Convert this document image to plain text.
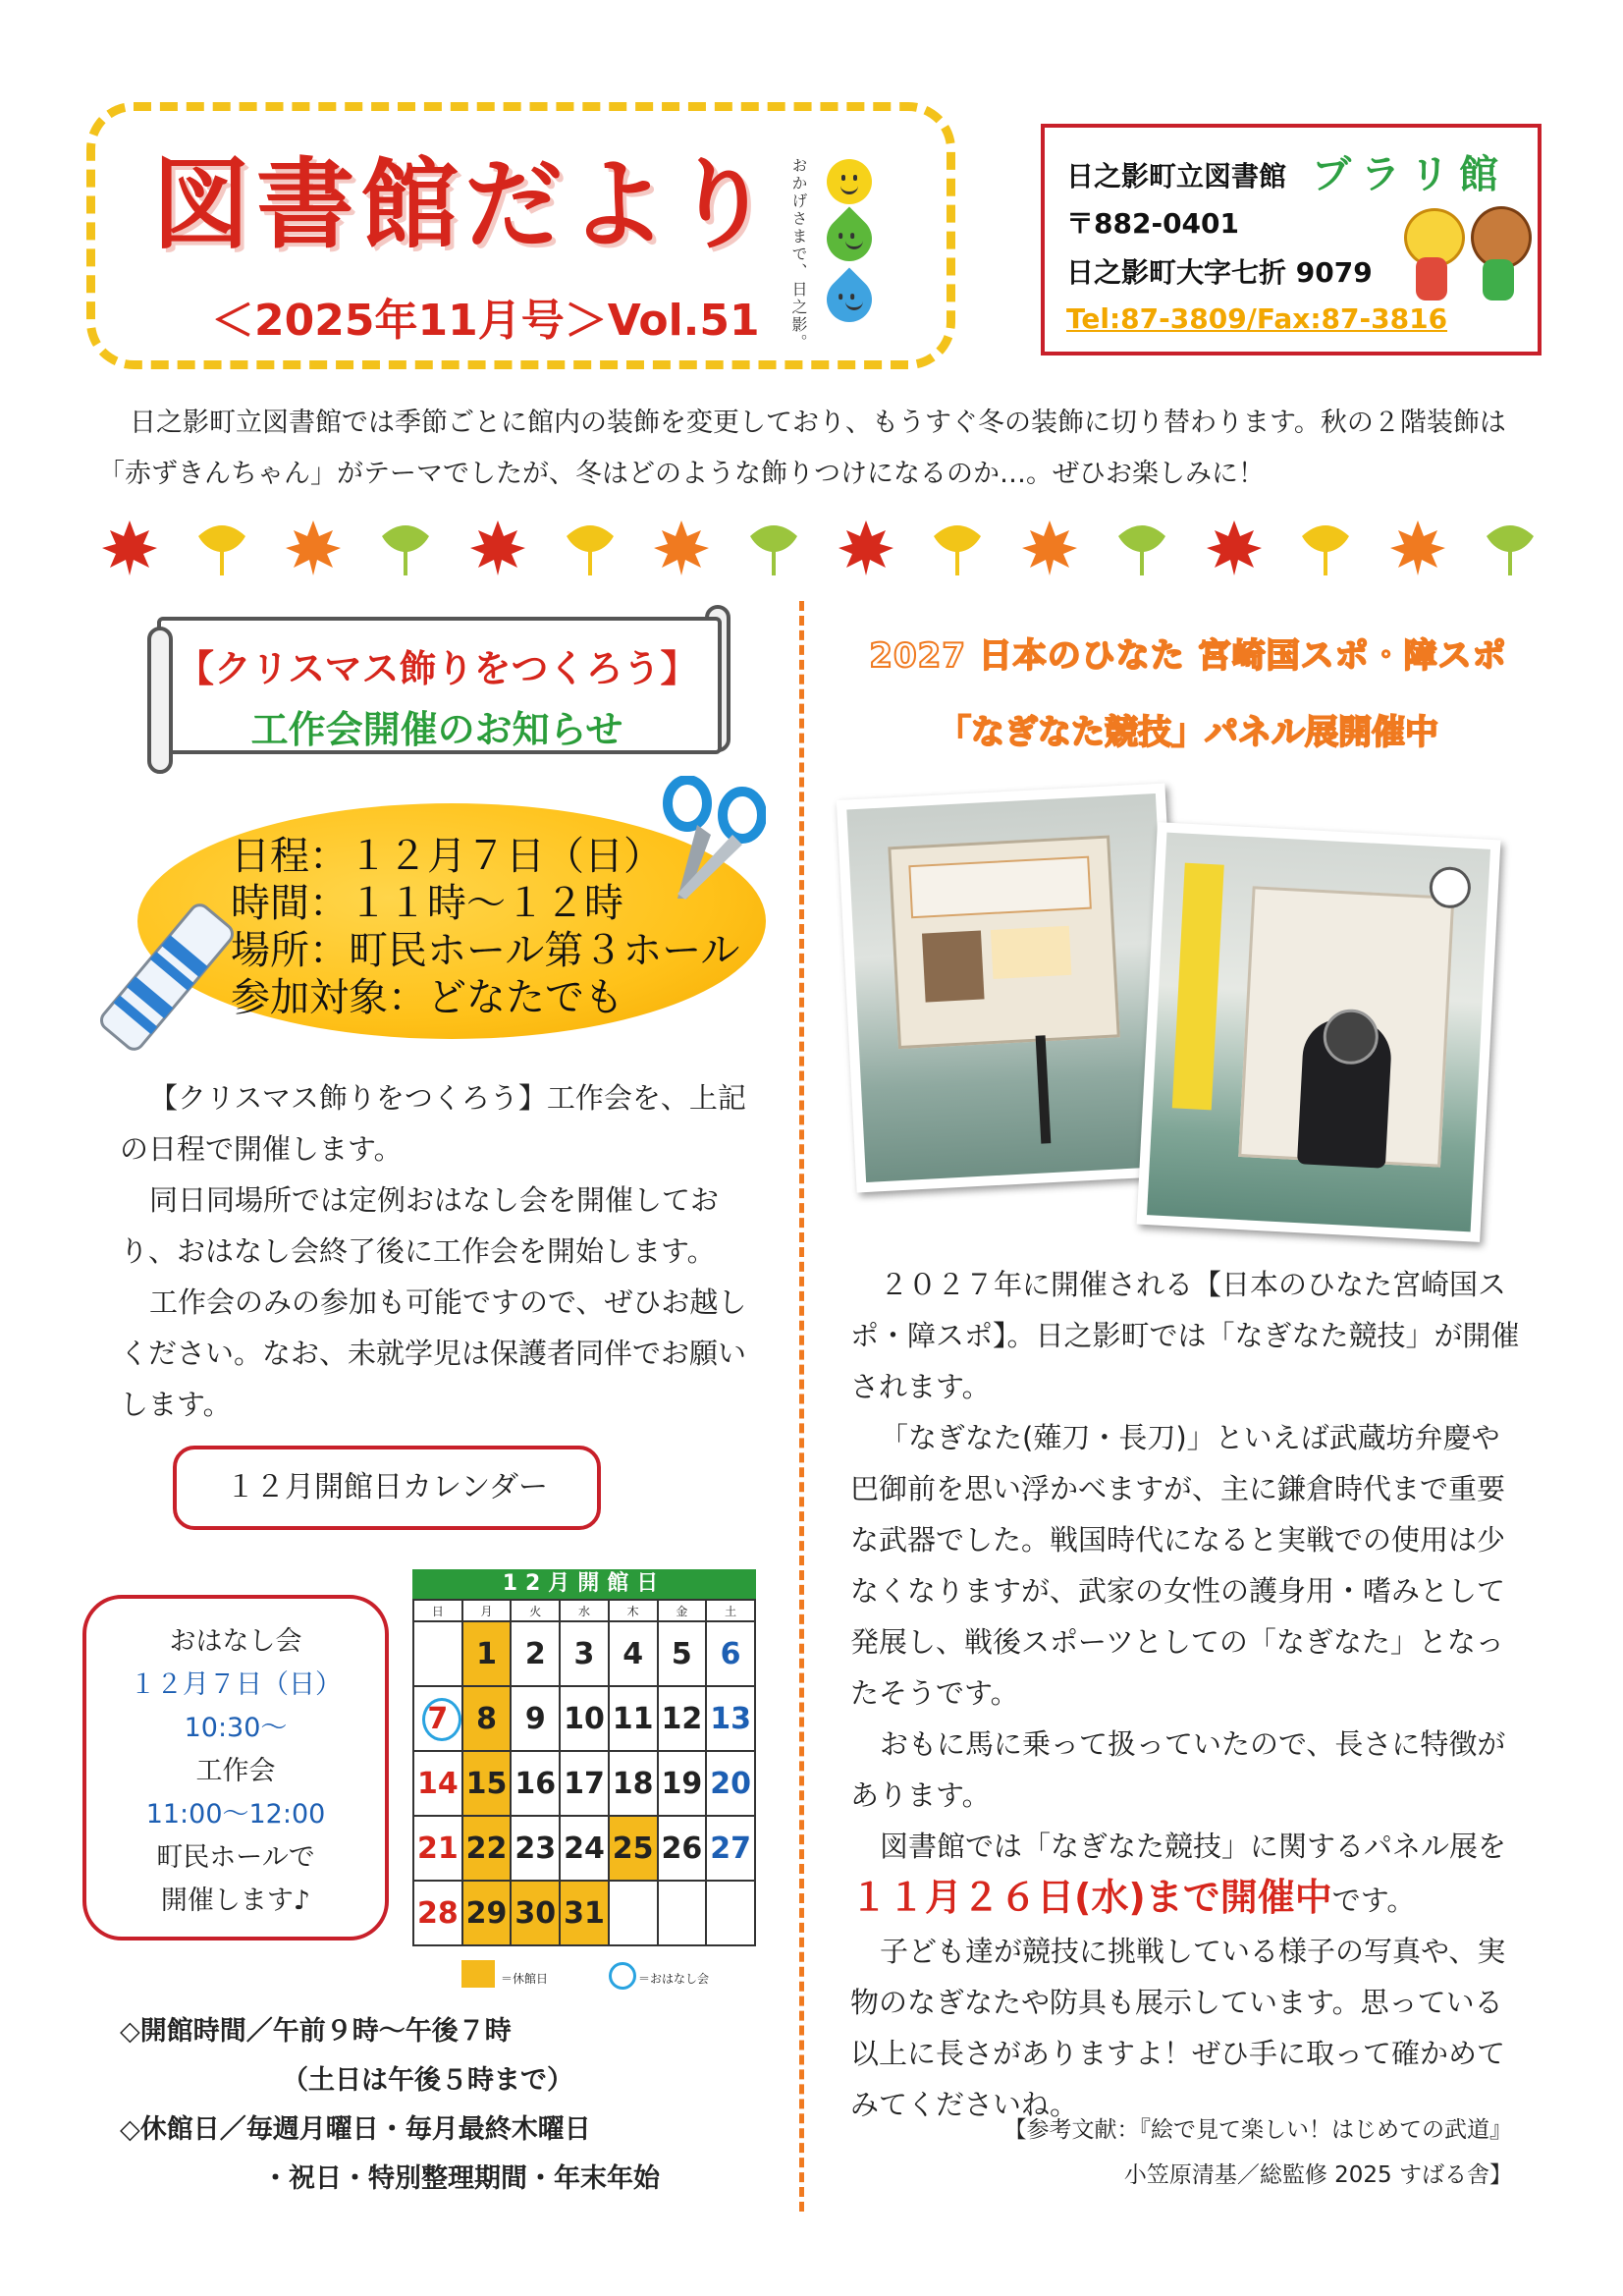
図書館だより
＜2025年11月号＞Vol.51 おかげさまで、日之影。	日之影町立図書館 ブラリ館
〒882-0401
日之影町大字七折 9079
Tel:87-3809/Fax:87-3816
日之影町立図書館では季節ごとに館内の装飾を変更しており、もうすぐ冬の装飾に切り替わります。秋の２階装飾は「赤ずきんちゃん」がテーマでしたが、冬はどのような飾りつけになるのか…。ぜひお楽しみに！
【クリスマス飾りをつくろう】
工作会開催のお知らせ
日程：１２月７日（日）
時間：１１時～１２時
場所：町民ホール第３ホール
参加対象：どなたでも

【クリスマス飾りをつくろう】工作会を、上記の日程で開催します。

同日同場所では定例おはなし会を開催しており、おはなし会終了後に工作会を開始します。

工作会のみの参加も可能ですので、ぜひお越しください。なお、未就学児は保護者同伴でお願いします。

１２月開館日カレンダー
おはなし会
１２月７日（日）
10:30～
工作会
11:00～12:00
町民ホールで
開催します♪
12月開館日
日	月	火	水	木	金	土
	1	2	3	4	5	6
7	8	9	10	11	12	13
14	15	16	17	18	19	20
21	22	23	24	25	26	27
28	29	30	31			
＝休館日	＝おはなし会
◇開館時間／午前９時～午後７時
（土日は午後５時まで）
◇休館日／毎週月曜日・毎月最終木曜日
・祝日・特別整理期間・年末年始
2027 日本のひなた 宮崎国スポ・障スポ
「なぎなた競技」パネル展開催中

２０２７年に開催される【日本のひなた宮崎国スポ・障スポ】。日之影町では「なぎなた競技」が開催されます。

「なぎなた(薙刀・長刀)」といえば武蔵坊弁慶や巴御前を思い浮かべますが、主に鎌倉時代まで重要な武器でした。戦国時代になると実戦での使用は少なくなりますが、武家の女性の護身用・嗜みとして発展し、戦後スポーツとしての「なぎなた」となったそうです。

おもに馬に乗って扱っていたので、長さに特徴があります。

図書館では「なぎなた競技」に関するパネル展を
１１月２６日(水)まで開催中です。

子ども達が競技に挑戦している様子の写真や、実物のなぎなたや防具も展示しています。思っている以上に長さがありますよ！ぜひ手に取って確かめてみてくださいね。

【参考文献：『絵で見て楽しい！はじめての武道』
小笠原清基／総監修 2025 すばる舎】
